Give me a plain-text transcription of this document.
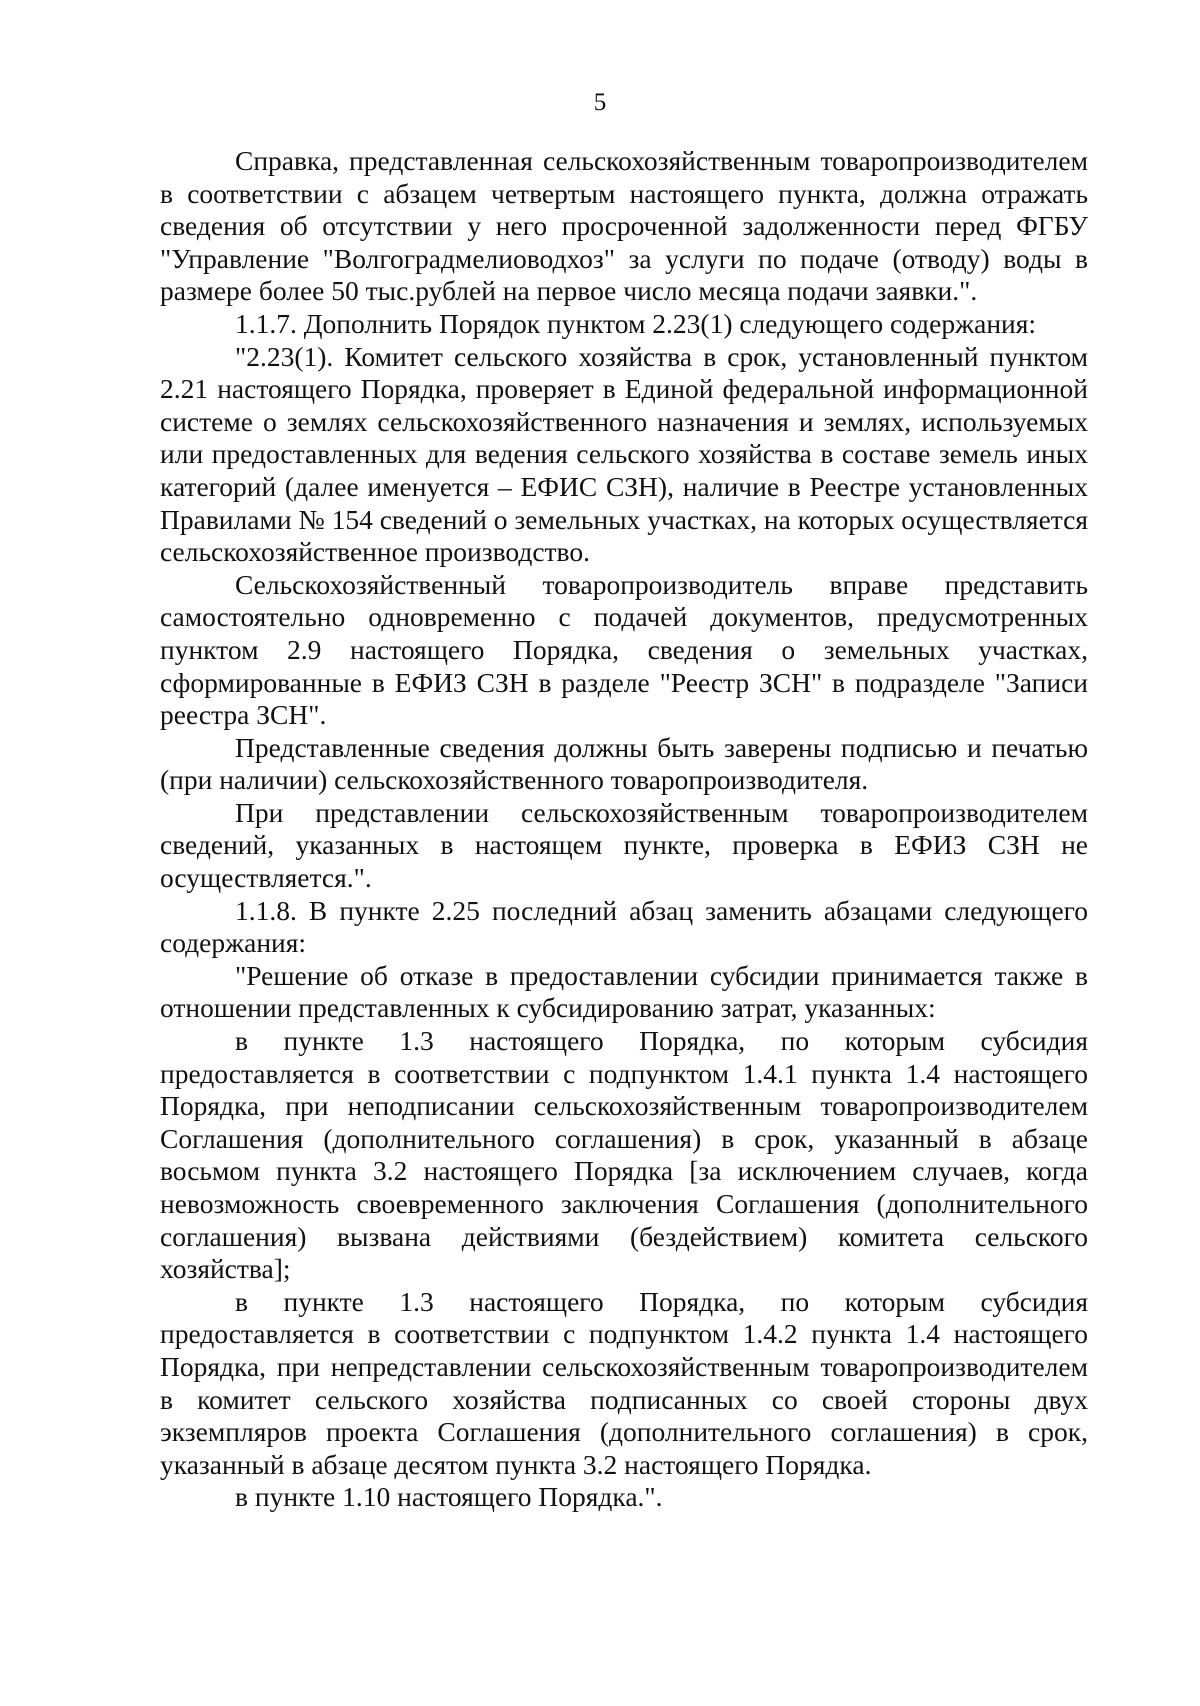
5

Справка, представленная сельскохозяйственным товаропроизводителем в соответствии с абзацем четвертым настоящего пункта, должна отражать сведения об отсутствии у него просроченной задолженности перед ФГБУ "Управление "Волгоградмелиоводхоз" за услуги по подаче (отводу) воды в размере более 50 тыс.рублей на первое число месяца подачи заявки.".

1.1.7. Дополнить Порядок пунктом 2.23(1) следующего содержания:

"2.23(1). Комитет сельского хозяйства в срок, установленный пунктом 2.21 настоящего Порядка, проверяет в Единой федеральной информационной системе о землях сельскохозяйственного назначения и землях, используемых или предоставленных для ведения сельского хозяйства в составе земель иных категорий (далее именуется – ЕФИС СЗН), наличие в Реестре установленных Правилами № 154 сведений о земельных участках, на которых осуществляется сельскохозяйственное производство.

Сельскохозяйственный товаропроизводитель вправе представить самостоятельно одновременно с подачей документов, предусмотренных пунктом 2.9 настоящего Порядка, сведения о земельных участках, сформированные в ЕФИЗ СЗН в разделе "Реестр ЗСН" в подразделе "Записи реестра ЗСН".

Представленные сведения должны быть заверены подписью и печатью (при наличии) сельскохозяйственного товаропроизводителя.

При представлении сельскохозяйственным товаропроизводителем сведений, указанных в настоящем пункте, проверка в ЕФИЗ СЗН не осуществляется.".

1.1.8. В пункте 2.25 последний абзац заменить абзацами следующего содержания:

"Решение об отказе в предоставлении субсидии принимается также в отношении представленных к субсидированию затрат, указанных:

в пункте 1.3 настоящего Порядка, по которым субсидия предоставляется в соответствии с подпунктом 1.4.1 пункта 1.4 настоящего Порядка, при неподписании сельскохозяйственным товаропроизводителем Соглашения (дополнительного соглашения) в срок, указанный в абзаце восьмом пункта 3.2 настоящего Порядка [за исключением случаев, когда невозможность своевременного заключения Соглашения (дополнительного соглашения) вызвана действиями (бездействием) комитета сельского хозяйства];

в пункте 1.3 настоящего Порядка, по которым субсидия предоставляется в соответствии с подпунктом 1.4.2 пункта 1.4 настоящего Порядка, при непредставлении сельскохозяйственным товаропроизводителем в комитет сельского хозяйства подписанных со своей стороны двух экземпляров проекта Соглашения (дополнительного соглашения) в срок, указанный в абзаце десятом пункта 3.2 настоящего Порядка.

в пункте 1.10 настоящего Порядка.".
